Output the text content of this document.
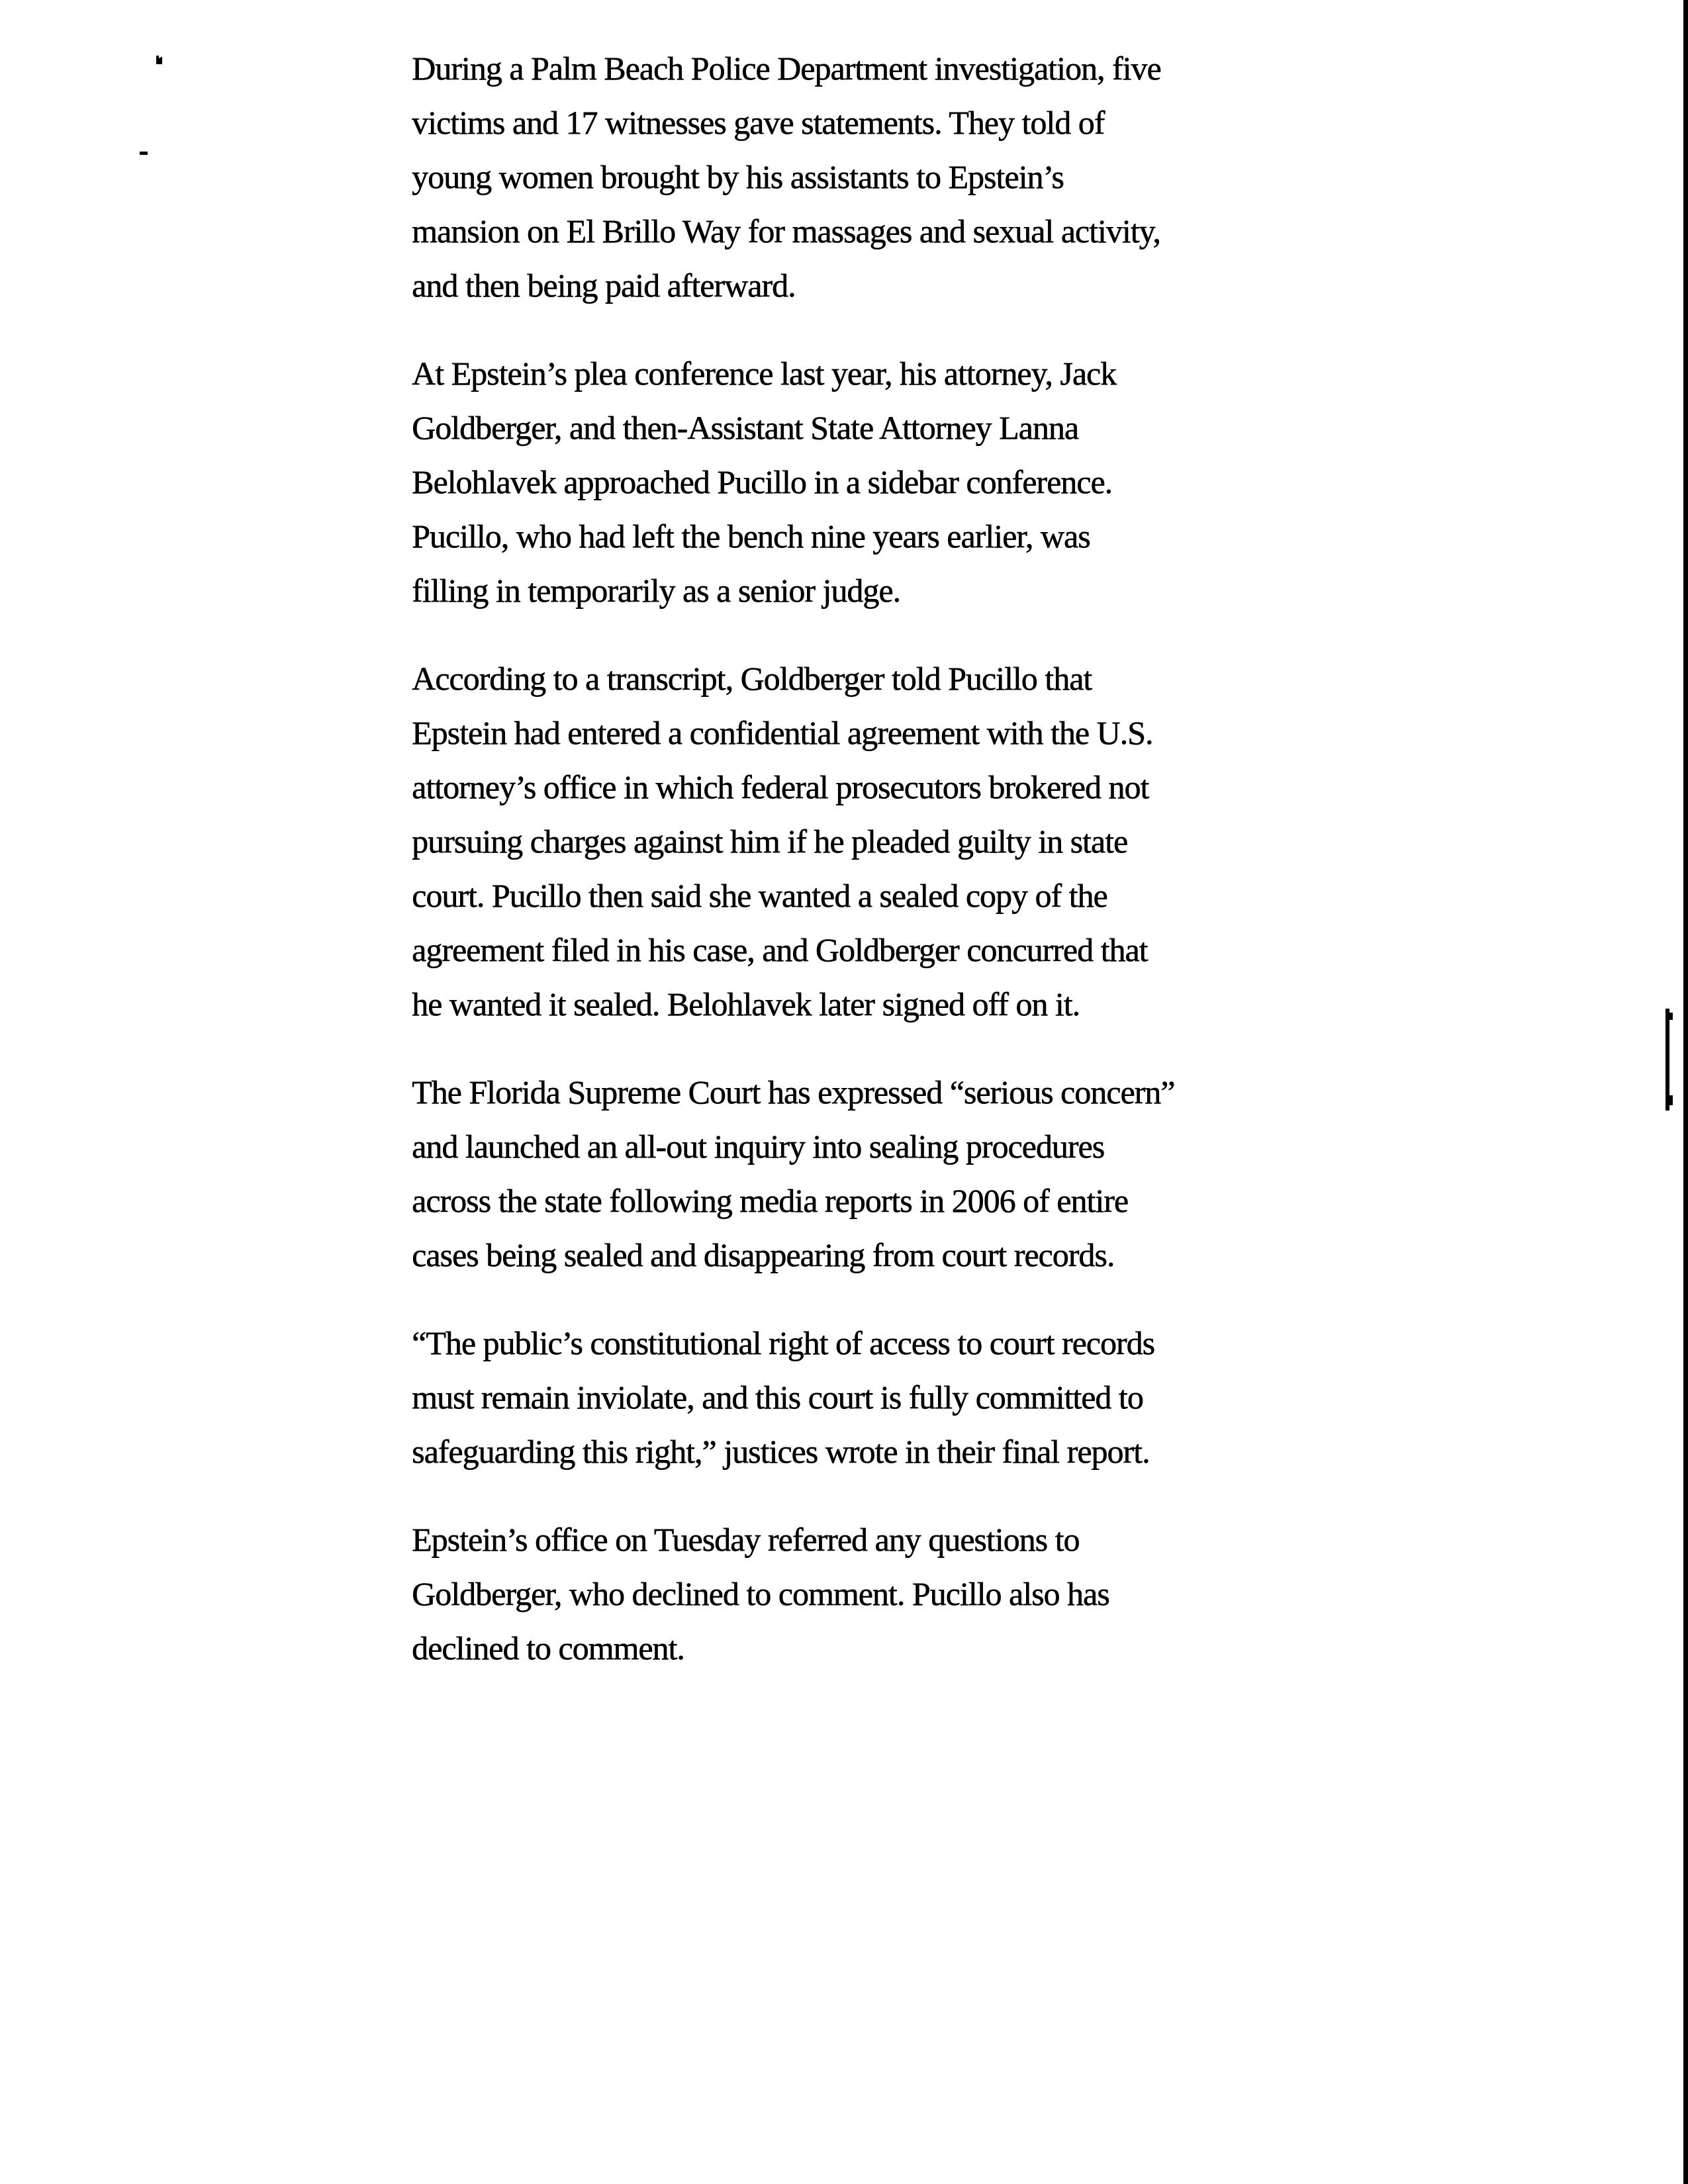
During a Palm Beach Police Department investigation, five
victims and 17 witnesses gave statements. They told of
young women brought by his assistants to Epstein’s
mansion on El Brillo Way for massages and sexual activity,
and then being paid afterward.
At Epstein’s plea conference last year, his attorney, Jack
Goldberger, and then-Assistant State Attorney Lanna
Belohlavek approached Pucillo in a sidebar conference.
Pucillo, who had left the bench nine years earlier, was
filling in temporarily as a senior judge.
According to a transcript, Goldberger told Pucillo that
Epstein had entered a confidential agreement with the U.S.
attorney’s office in which federal prosecutors brokered not
pursuing charges against him if he pleaded guilty in state
court. Pucillo then said she wanted a sealed copy of the
agreement filed in his case, and Goldberger concurred that
he wanted it sealed. Belohlavek later signed off on it.
The Florida Supreme Court has expressed “serious concern”
and launched an all-out inquiry into sealing procedures
across the state following media reports in 2006 of entire
cases being sealed and disappearing from court records.
“The public’s constitutional right of access to court records
must remain inviolate, and this court is fully committed to
safeguarding this right,” justices wrote in their final report.
Epstein’s office on Tuesday referred any questions to
Goldberger, who declined to comment. Pucillo also has
declined to comment.
